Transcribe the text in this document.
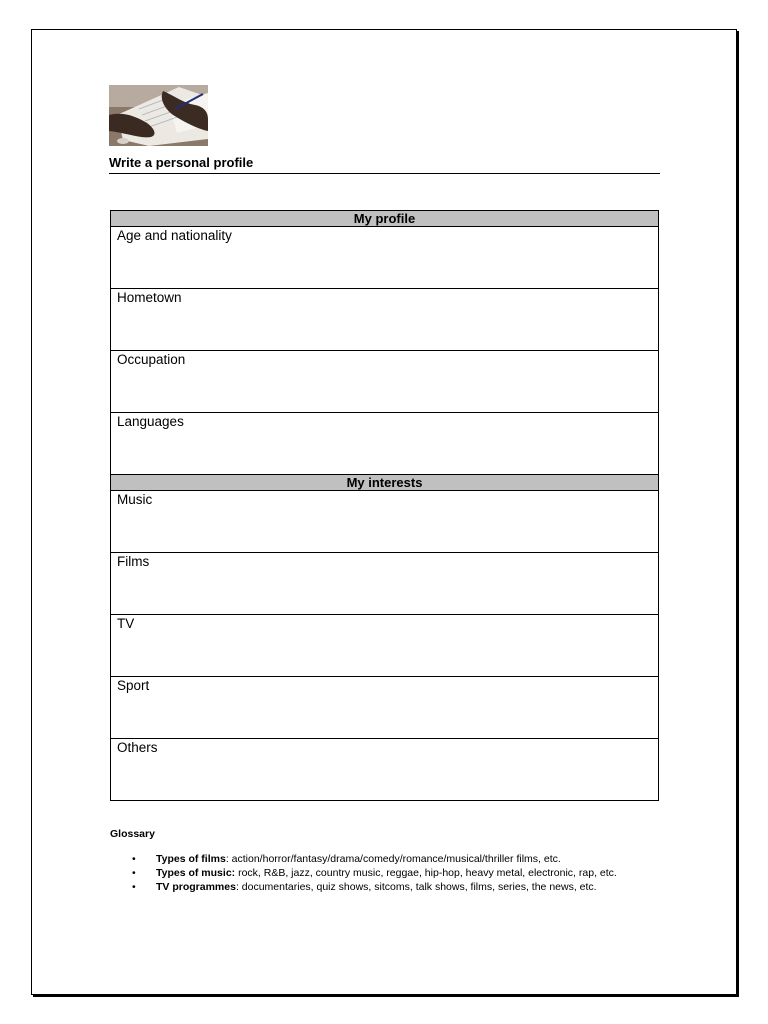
Write a personal profile
My profile

Age and nationality

Hometown

Occupation

Languages

My interests

Music

Films

TV

Sport

Others
Glossary
• Types of films: action/horror/fantasy/drama/comedy/romance/musical/thriller films, etc.
• Types of music: rock, R&B, jazz, country music, reggae, hip-hop, heavy metal, electronic, rap, etc.
• TV programmes: documentaries, quiz shows, sitcoms, talk shows, films, series, the news, etc.
